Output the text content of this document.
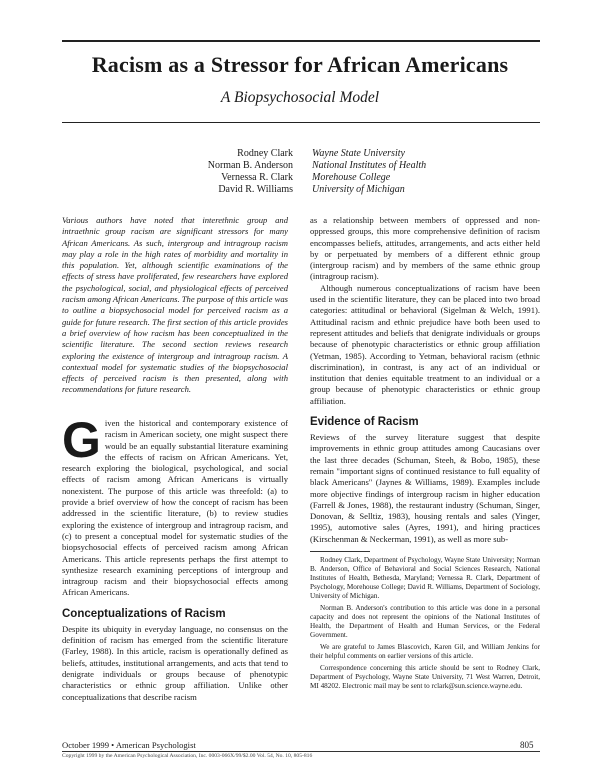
Racism as a Stressor for African Americans
A Biopsychosocial Model
Rodney Clark
Norman B. Anderson
Vernessa R. Clark
David R. Williams
Wayne State University
National Institutes of Health
Morehouse College
University of Michigan

Various authors have noted that interethnic group and intraethnic group racism are significant stressors for many African Americans. As such, intergroup and intragroup racism may play a role in the high rates of morbidity and mortality in this population. Yet, although scientific examinations of the effects of stress have proliferated, few researchers have explored the psychological, social, and physiological effects of perceived racism among African Americans. The purpose of this article was to outline a biopsychosocial model for perceived racism as a guide for future research. The first section of this article provides a brief overview of how racism has been conceptualized in the scientific literature. The second section reviews research exploring the existence of intergroup and intragroup racism. A contextual model for systematic studies of the biopsychosocial effects of perceived racism is then presented, along with recommendations for future research.

Given the historical and contemporary existence of racism in American society, one might suspect there would be an equally substantial literature examining the effects of racism on African Americans. Yet, research exploring the biological, psychological, and social effects of racism among African Americans is virtually nonexistent. The purpose of this article was threefold: (a) to provide a brief overview of how the concept of racism has been addressed in the scientific literature, (b) to review studies exploring the existence of intergroup and intragroup racism, and (c) to present a conceptual model for systematic studies of the biopsychosocial effects of perceived racism among African Americans. This article represents perhaps the first attempt to synthesize research examining perceptions of intergroup and intragroup racism and their biopsychosocial effects among African Americans.

Conceptualizations of Racism

Despite its ubiquity in everyday language, no consensus on the definition of racism has emerged from the scientific literature (Farley, 1988). In this article, racism is operationally defined as beliefs, attitudes, institutional arrangements, and acts that tend to denigrate individuals or groups because of phenotypic characteristics or ethnic group affiliation. Unlike other conceptualizations that describe racism

as a relationship between members of oppressed and non-oppressed groups, this more comprehensive definition of racism encompasses beliefs, attitudes, arrangements, and acts either held by or perpetuated by members of a different ethnic group (intergroup racism) and by members of the same ethnic group (intragroup racism).

Although numerous conceptualizations of racism have been used in the scientific literature, they can be placed into two broad categories: attitudinal or behavioral (Sigelman & Welch, 1991). Attitudinal racism and ethnic prejudice have both been used to represent attitudes and beliefs that denigrate individuals or groups because of phenotypic characteristics or ethnic group affiliation (Yetman, 1985). According to Yetman, behavioral racism (ethnic discrimination), in contrast, is any act of an individual or institution that denies equitable treatment to an individual or a group because of phenotypic characteristics or ethnic group affiliation.

Evidence of Racism

Reviews of the survey literature suggest that despite improvements in ethnic group attitudes among Caucasians over the last three decades (Schuman, Steeh, & Bobo, 1985), these remain "important signs of continued resistance to full equality of black Americans" (Jaynes & Williams, 1989). Examples include more objective findings of intergroup racism in higher education (Farrell & Jones, 1988), the restaurant industry (Schuman, Singer, Donovan, & Selltiz, 1983), housing rentals and sales (Yinger, 1995), automotive sales (Ayres, 1991), and hiring practices (Kirschenman & Neckerman, 1991), as well as more sub-

Rodney Clark, Department of Psychology, Wayne State University; Norman B. Anderson, Office of Behavioral and Social Sciences Research, National Institutes of Health, Bethesda, Maryland; Vernessa R. Clark, Department of Psychology, Morehouse College; David R. Williams, Department of Sociology, University of Michigan.

Norman B. Anderson's contribution to this article was done in a personal capacity and does not represent the opinions of the National Institutes of Health, the Department of Health and Human Services, or the Federal Government.

We are grateful to James Blascovich, Karen Gil, and William Jenkins for their helpful comments on earlier versions of this article.

Correspondence concerning this article should be sent to Rodney Clark, Department of Psychology, Wayne State University, 71 West Warren, Detroit, MI 48202. Electronic mail may be sent to rclark@sun.science.wayne.edu.

October 1999 • American Psychologist	805
Copyright 1999 by the American Psychological Association, Inc. 0003-066X/99/$2.00 Vol. 54, No. 10, 805-816
